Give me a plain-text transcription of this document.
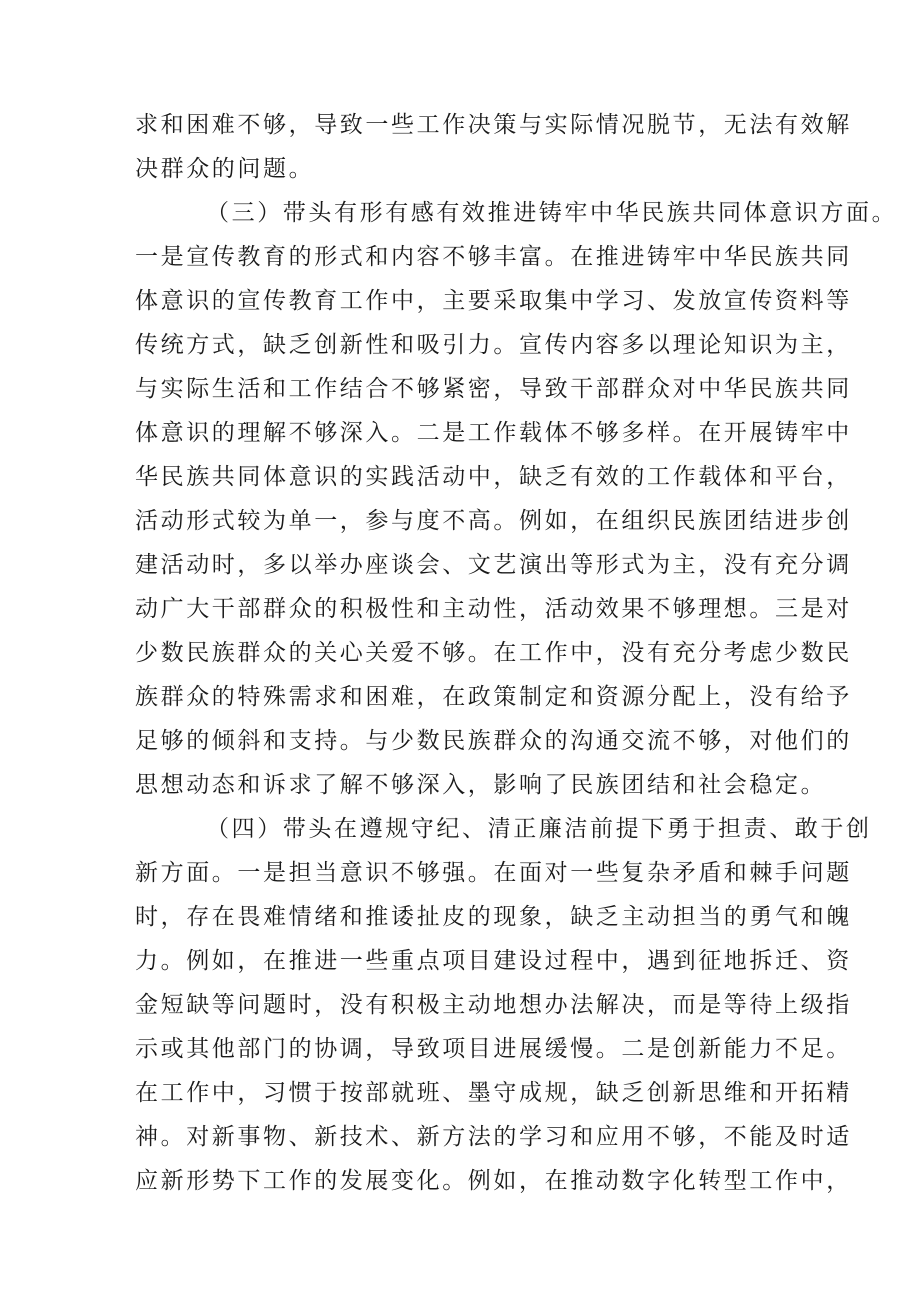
求和困难不够，导致一些工作决策与实际情况脱节，无法有效解
决群众的问题。
（三）带头有形有感有效推进铸牢中华民族共同体意识方面。
一是宣传教育的形式和内容不够丰富。在推进铸牢中华民族共同
体意识的宣传教育工作中，主要采取集中学习、发放宣传资料等
传统方式，缺乏创新性和吸引力。宣传内容多以理论知识为主，
与实际生活和工作结合不够紧密，导致干部群众对中华民族共同
体意识的理解不够深入。二是工作载体不够多样。在开展铸牢中
华民族共同体意识的实践活动中，缺乏有效的工作载体和平台，
活动形式较为单一，参与度不高。例如，在组织民族团结进步创
建活动时，多以举办座谈会、文艺演出等形式为主，没有充分调
动广大干部群众的积极性和主动性，活动效果不够理想。三是对
少数民族群众的关心关爱不够。在工作中，没有充分考虑少数民
族群众的特殊需求和困难，在政策制定和资源分配上，没有给予
足够的倾斜和支持。与少数民族群众的沟通交流不够，对他们的
思想动态和诉求了解不够深入，影响了民族团结和社会稳定。
（四）带头在遵规守纪、清正廉洁前提下勇于担责、敢于创
新方面。一是担当意识不够强。在面对一些复杂矛盾和棘手问题
时，存在畏难情绪和推诿扯皮的现象，缺乏主动担当的勇气和魄
力。例如，在推进一些重点项目建设过程中，遇到征地拆迁、资
金短缺等问题时，没有积极主动地想办法解决，而是等待上级指
示或其他部门的协调，导致项目进展缓慢。二是创新能力不足。
在工作中，习惯于按部就班、墨守成规，缺乏创新思维和开拓精
神。对新事物、新技术、新方法的学习和应用不够，不能及时适
应新形势下工作的发展变化。例如，在推动数字化转型工作中，
